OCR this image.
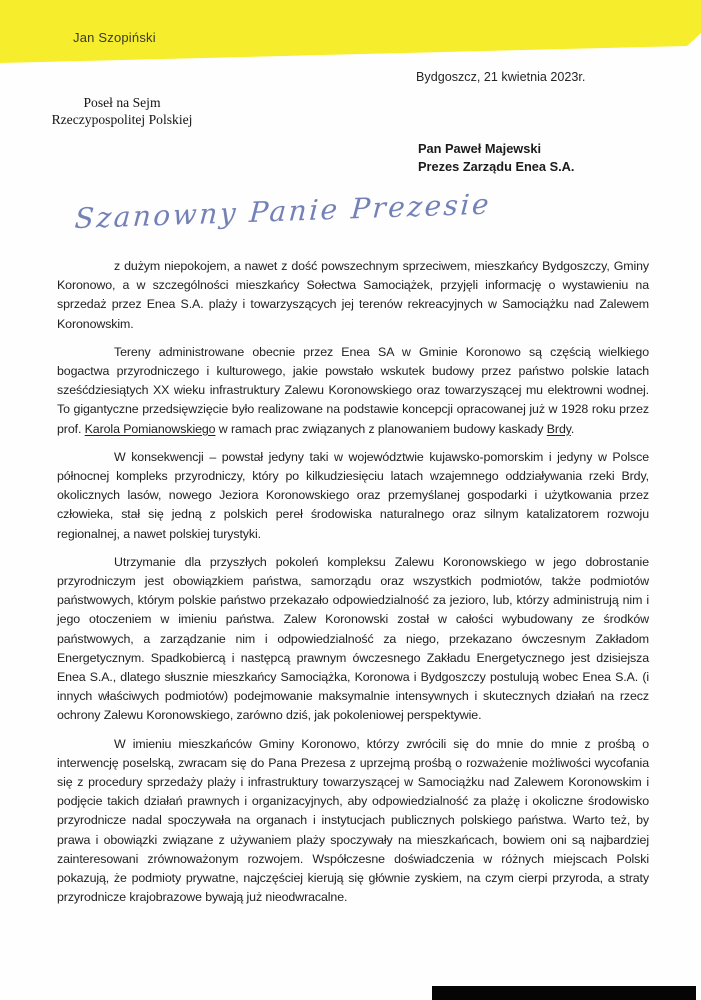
Jan Szopiński
Bydgoszcz, 21 kwietnia 2023r.
Poseł na Sejm
Rzeczypospolitej Polskiej
Pan Paweł Majewski
Prezes Zarządu Enea S.A.
Szanowny Panie Prezesie

z dużym niepokojem, a nawet z dość powszechnym sprzeciwem, mieszkańcy Bydgoszczy, Gminy Koronowo, a w szczególności mieszkańcy Sołectwa Samociążek, przyjęli informację o wystawieniu na sprzedaż przez Enea S.A. plaży i towarzyszących jej terenów rekreacyjnych w Samociążku nad Zalewem Koronowskim.

Tereny administrowane obecnie przez Enea SA w Gminie Koronowo są częścią wielkiego bogactwa przyrodniczego i kulturowego, jakie powstało wskutek budowy przez państwo polskie latach sześćdziesiątych XX wieku infrastruktury Zalewu Koronowskiego oraz towarzyszącej mu elektrowni wodnej. To gigantyczne przedsięwzięcie było realizowane na podstawie koncepcji opracowanej już w 1928 roku przez prof. Karola Pomianowskiego w ramach prac związanych z planowaniem budowy kaskady Brdy.

W konsekwencji – powstał jedyny taki w województwie kujawsko-pomorskim i jedyny w Polsce północnej kompleks przyrodniczy, który po kilkudziesięciu latach wzajemnego oddziaływania rzeki Brdy, okolicznych lasów, nowego Jeziora Koronowskiego oraz przemyślanej gospodarki i użytkowania przez człowieka, stał się jedną z polskich pereł środowiska naturalnego oraz silnym katalizatorem rozwoju regionalnej, a nawet polskiej turystyki.

Utrzymanie dla przyszłych pokoleń kompleksu Zalewu Koronowskiego w jego dobrostanie przyrodniczym jest obowiązkiem państwa, samorządu oraz wszystkich podmiotów, także podmiotów państwowych, którym polskie państwo przekazało odpowiedzialność za jezioro, lub, którzy administrują nim i jego otoczeniem w imieniu państwa. Zalew Koronowski został w całości wybudowany ze środków państwowych, a zarządzanie nim i odpowiedzialność za niego, przekazano ówczesnym Zakładom Energetycznym. Spadkobiercą i następcą prawnym ówczesnego Zakładu Energetycznego jest dzisiejsza Enea S.A., dlatego słusznie mieszkańcy Samociążka, Koronowa i Bydgoszczy postulują wobec Enea S.A. (i innych właściwych podmiotów) podejmowanie maksymalnie intensywnych i skutecznych działań na rzecz ochrony Zalewu Koronowskiego, zarówno dziś, jak pokoleniowej perspektywie.

W imieniu mieszkańców Gminy Koronowo, którzy zwrócili się do mnie do mnie z prośbą o interwencję poselską, zwracam się do Pana Prezesa z uprzejmą prośbą o rozważenie możliwości wycofania się z procedury sprzedaży plaży i infrastruktury towarzyszącej w Samociążku nad Zalewem Koronowskim i podjęcie takich działań prawnych i organizacyjnych, aby odpowiedzialność za plażę i okoliczne środowisko przyrodnicze nadal spoczywała na organach i instytucjach publicznych polskiego państwa. Warto też, by prawa i obowiązki związane z używaniem plaży spoczywały na mieszkańcach, bowiem oni są najbardziej zainteresowani zrównoważonym rozwojem. Współczesne doświadczenia w różnych miejscach Polski pokazują, że podmioty prywatne, najczęściej kierują się głównie zyskiem, na czym cierpi przyroda, a straty przyrodnicze krajobrazowe bywają już nieodwracalne.
